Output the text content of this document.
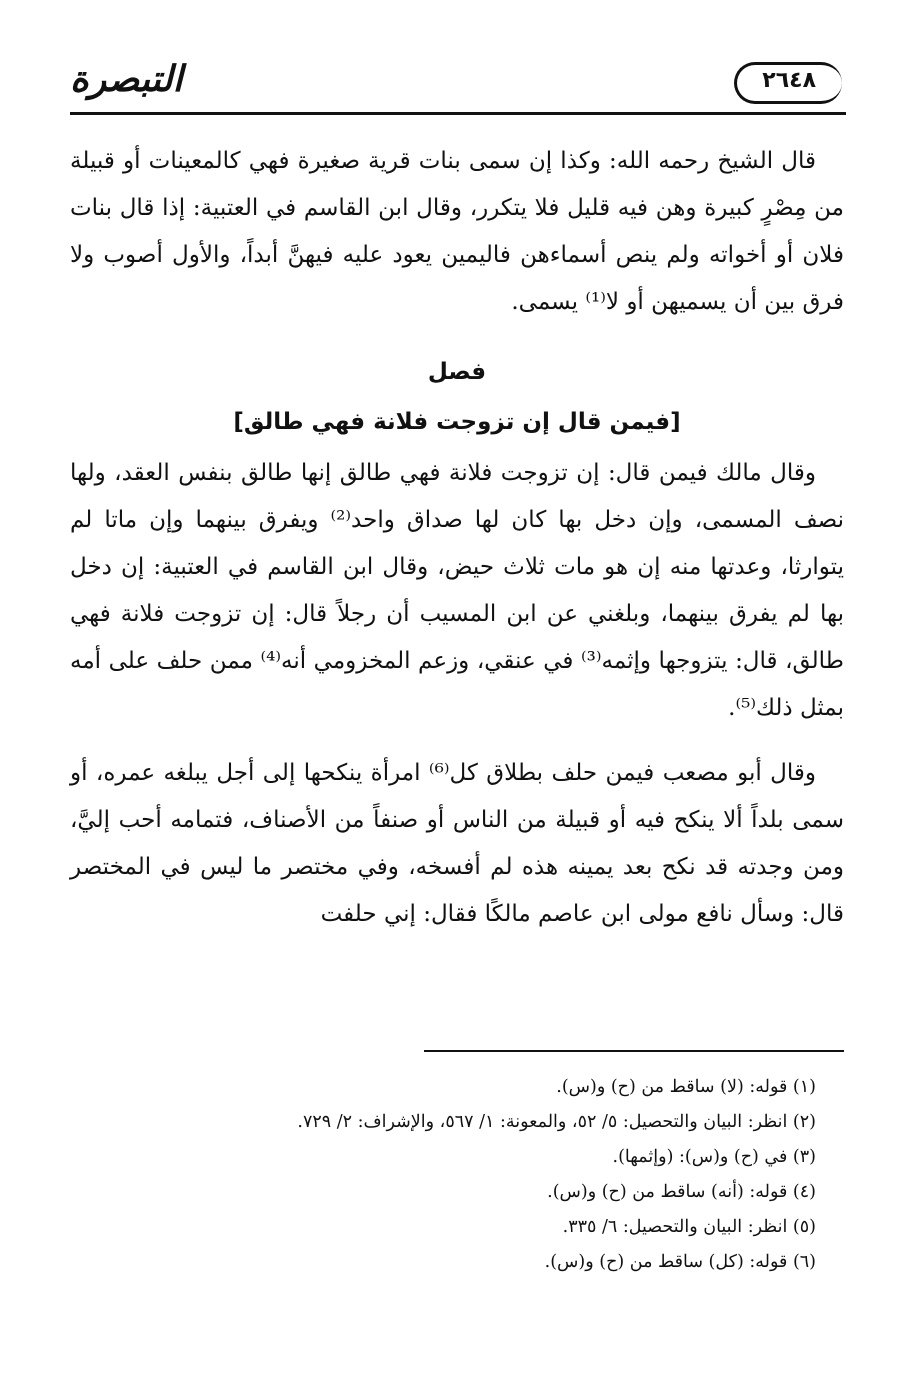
التبصرة	٢٦٤٨

قال الشيخ رحمه الله: وكذا إن سمى بنات قرية صغيرة فهي كالمعينات أو قبيلة من مِصْرٍ كبيرة وهن فيه قليل فلا يتكرر، وقال ابن القاسم في العتبية: إذا قال بنات فلان أو أخواته ولم ينص أسماءهن فاليمين يعود عليه فيهنَّ أبداً، والأول أصوب ولا فرق بين أن يسميهن أو لا⁽¹⁾ يسمى.

فصل
[فيمن قال إن تزوجت فلانة فهي طالق]

وقال مالك فيمن قال: إن تزوجت فلانة فهي طالق إنها طالق بنفس العقد، ولها نصف المسمى، وإن دخل بها كان لها صداق واحد⁽²⁾ ويفرق بينهما وإن ماتا لم يتوارثا، وعدتها منه إن هو مات ثلاث حيض، وقال ابن القاسم في العتبية: إن دخل بها لم يفرق بينهما، وبلغني عن ابن المسيب أن رجلاً قال: إن تزوجت فلانة فهي طالق، قال: يتزوجها وإثمه⁽³⁾ في عنقي، وزعم المخزومي أنه⁽⁴⁾ ممن حلف على أمه بمثل ذلك⁽⁵⁾.

وقال أبو مصعب فيمن حلف بطلاق كل⁽⁶⁾ امرأة ينكحها إلى أجل يبلغه عمره، أو سمى بلداً ألا ينكح فيه أو قبيلة من الناس أو صنفاً من الأصناف، فتمامه أحب إليَّ، ومن وجدته قد نكح بعد يمينه هذه لم أفسخه، وفي مختصر ما ليس في المختصر قال: وسأل نافع مولى ابن عاصم مالكًا فقال: إني حلفت

(١) قوله: (لا) ساقط من (ح) و(س).

(٢) انظر: البيان والتحصيل: ٥/ ٥٢، والمعونة: ١/ ٥٦٧، والإشراف: ٢/ ٧٢٩.

(٣) في (ح) و(س): (وإثمها).

(٤) قوله: (أنه) ساقط من (ح) و(س).

(٥) انظر: البيان والتحصيل: ٦/ ٣٣٥.

(٦) قوله: (كل) ساقط من (ح) و(س).
